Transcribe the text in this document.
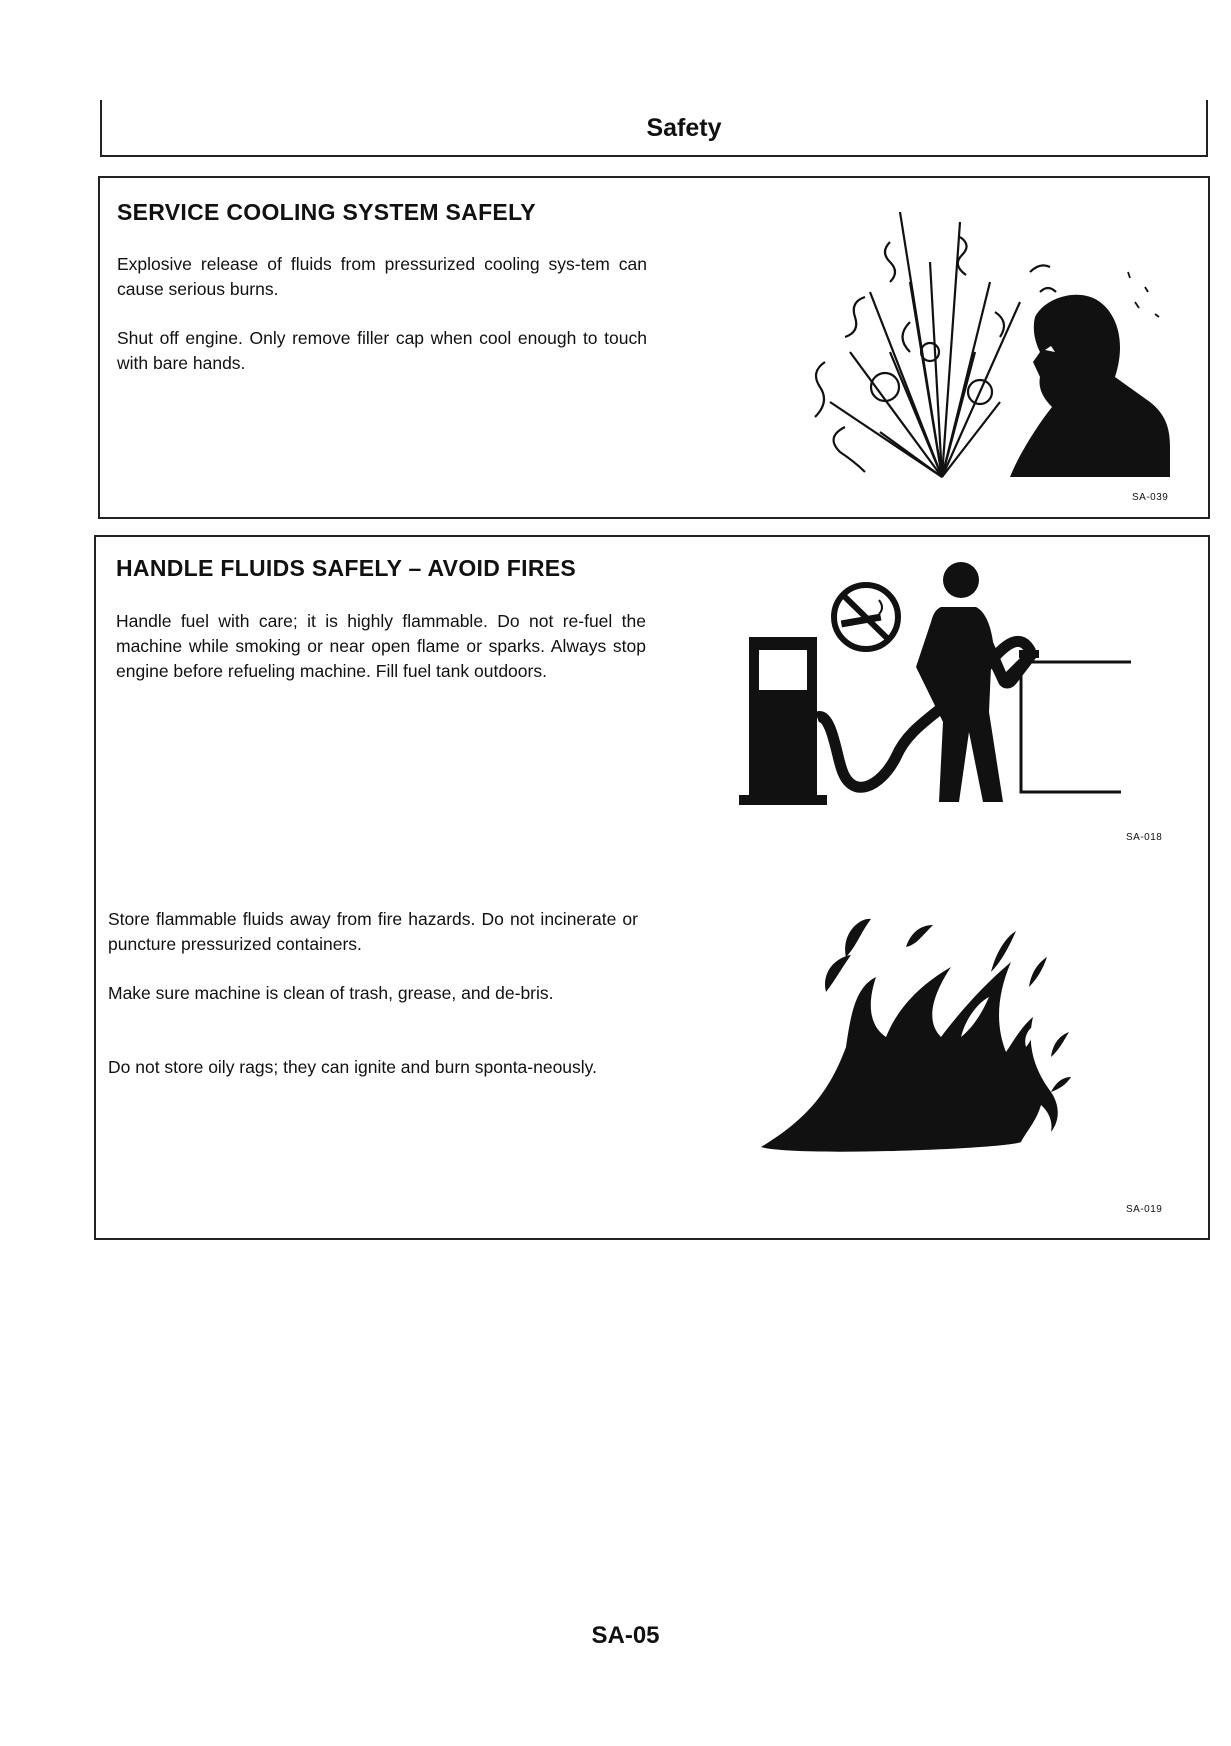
Safety
SERVICE COOLING SYSTEM SAFELY

Explosive release of fluids from pressurized cooling sys-tem can cause serious burns.

Shut off engine. Only remove filler cap when cool enough to touch with bare hands.

SA-039
HANDLE FLUIDS SAFELY – AVOID FIRES

Handle fuel with care; it is highly flammable. Do not re-fuel the machine while smoking or near open flame or sparks. Always stop engine before refueling machine. Fill fuel tank outdoors.

SA-018

Store flammable fluids away from fire hazards. Do not incinerate or puncture pressurized containers.

Make sure machine is clean of trash, grease, and de-bris.

Do not store oily rags; they can ignite and burn sponta-neously.

SA-019
SA-05
